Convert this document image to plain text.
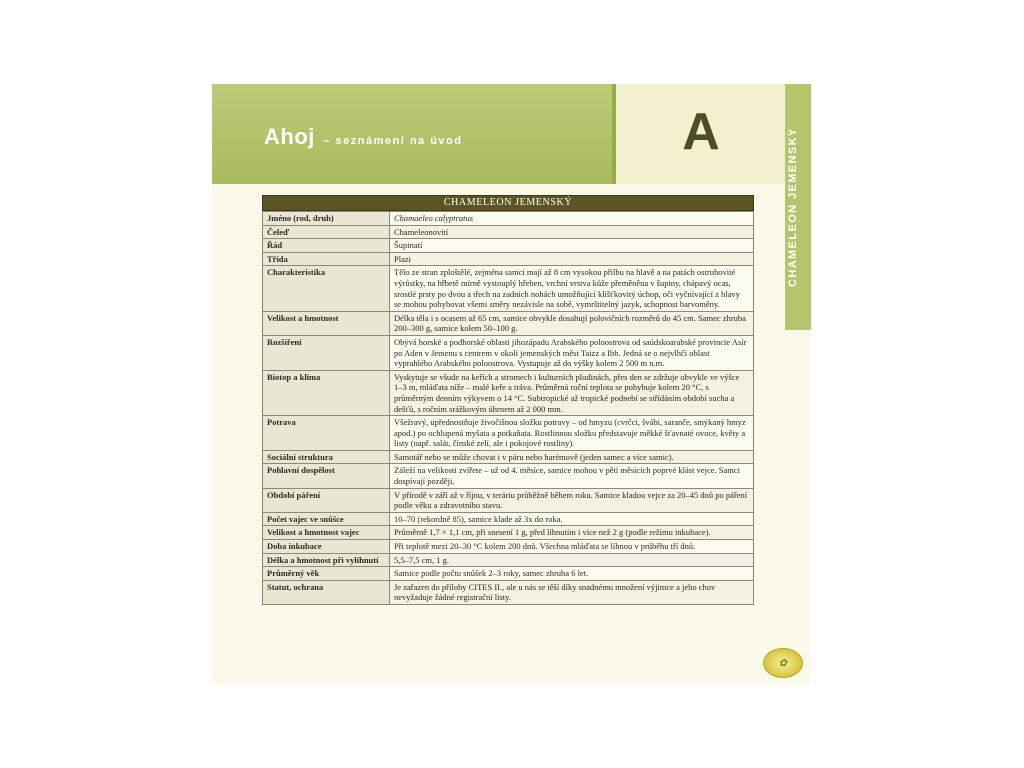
Ahoj – seznámení na úvod	A	CHAMELEON JEMENSKÝ
CHAMELEON JEMENSKÝ
Jméno (rod, druh)	Chamaeleo calyptratus
Čeleď	Chameleonovití
Řád	Šupinatí
Třída	Plazi
Charakteristika	Tělo ze stran zploštělé, zejména samci mají až 8 cm vysokou přilbu na hlavě a na patách ostruhovité výrůstky, na hřbetě mírně vystouplý hřeben, vrchní vrstva kůže přeměněna v šupiny, chápavý ocas, srostlé prsty po dvou a třech na zadních nohách umožňující klíšťkovitý úchop, oči vyčnívající z hlavy se mohou pohybovat všemi směry nezávisle na sobě, vymrštitelný jazyk, schopnost barvoměny.
Velikost a hmotnost	Délka těla i s ocasem až 65 cm, samice obvykle dosahují polovičních rozměrů do 45 cm. Samec zhruba 200–300 g, samice kolem 50–100 g.
Rozšíření	Obývá horské a podhorské oblasti jihozápadu Arabského poloostrova od saúdskoarabské provincie Asír po Aden v Jemenu s centrem v okolí jemenských měst Taizz a Ibb. Jedná se o nejvlhčí oblast vyprahlého Arabského poloostrova. Vystupuje až do výšky kolem 2 500 m n.m.
Biotop a klima	Vyskytuje se všude na keřích a stromech i kulturních plodinách, přes den se zdržuje obvykle ve výšce 1–3 m, mláďata níže – malé keře a tráva. Průměrná roční teplota se pohybuje kolem 20 °C, s průměrným denním výkyvem o 14 °C. Subtropické až tropické podnebí se střídáním období sucha a dešťů, s ročním srážkovým úhrnem až 2 000 mm.
Potrava	Všežravý, upřednostňuje živočišnou složku potravy – od hmyzu (cvrčci, švábi, saranče, smýkaný hmyz apod.) po ochlupená myšata a potkaňata. Rostlinnou složku představuje měkké šťavnaté ovoce, květy a listy (např. salát, čínské zelí, ale i pokojové rostliny).
Sociální struktura	Samotář nebo se může chovat i v páru nebo harémově (jeden samec a více samic).
Pohlavní dospělost	Záleží na velikosti zvířete – už od 4. měsíce, samice mohou v pěti měsících poprvé klást vejce. Samci dospívají později.
Období páření	V přírodě v září až v říjnu, v teráriu průběžně během roku. Samice kladou vejce za 20–45 dnů po páření podle věku a zdravotního stavu.
Počet vajec ve snůšce	10–70 (rekordně 85), samice klade až 3x do roka.
Velikost a hmotnost vajec	Průměrně 1,7 × 1,1 cm, při snesení 1 g, před líhnutím i více než 2 g (podle režimu inkubace).
Doba inkubace	Při teplotě mezi 20–30 °C kolem 200 dnů. Všechna mláďata se líhnou v průběhu tří dnů.
Délka a hmotnost při vylíhnutí	5,5–7,5 cm, 1 g.
Průměrný věk	Samice podle počtu snůšek 2–3 roky, samec zhruba 6 let.
Statut, ochrana	Je zařazen do přílohy CITES II., ale u nás se těší díky snadnému množení výjimce a jeho chov nevyžaduje žádné registrační listy.
✿
